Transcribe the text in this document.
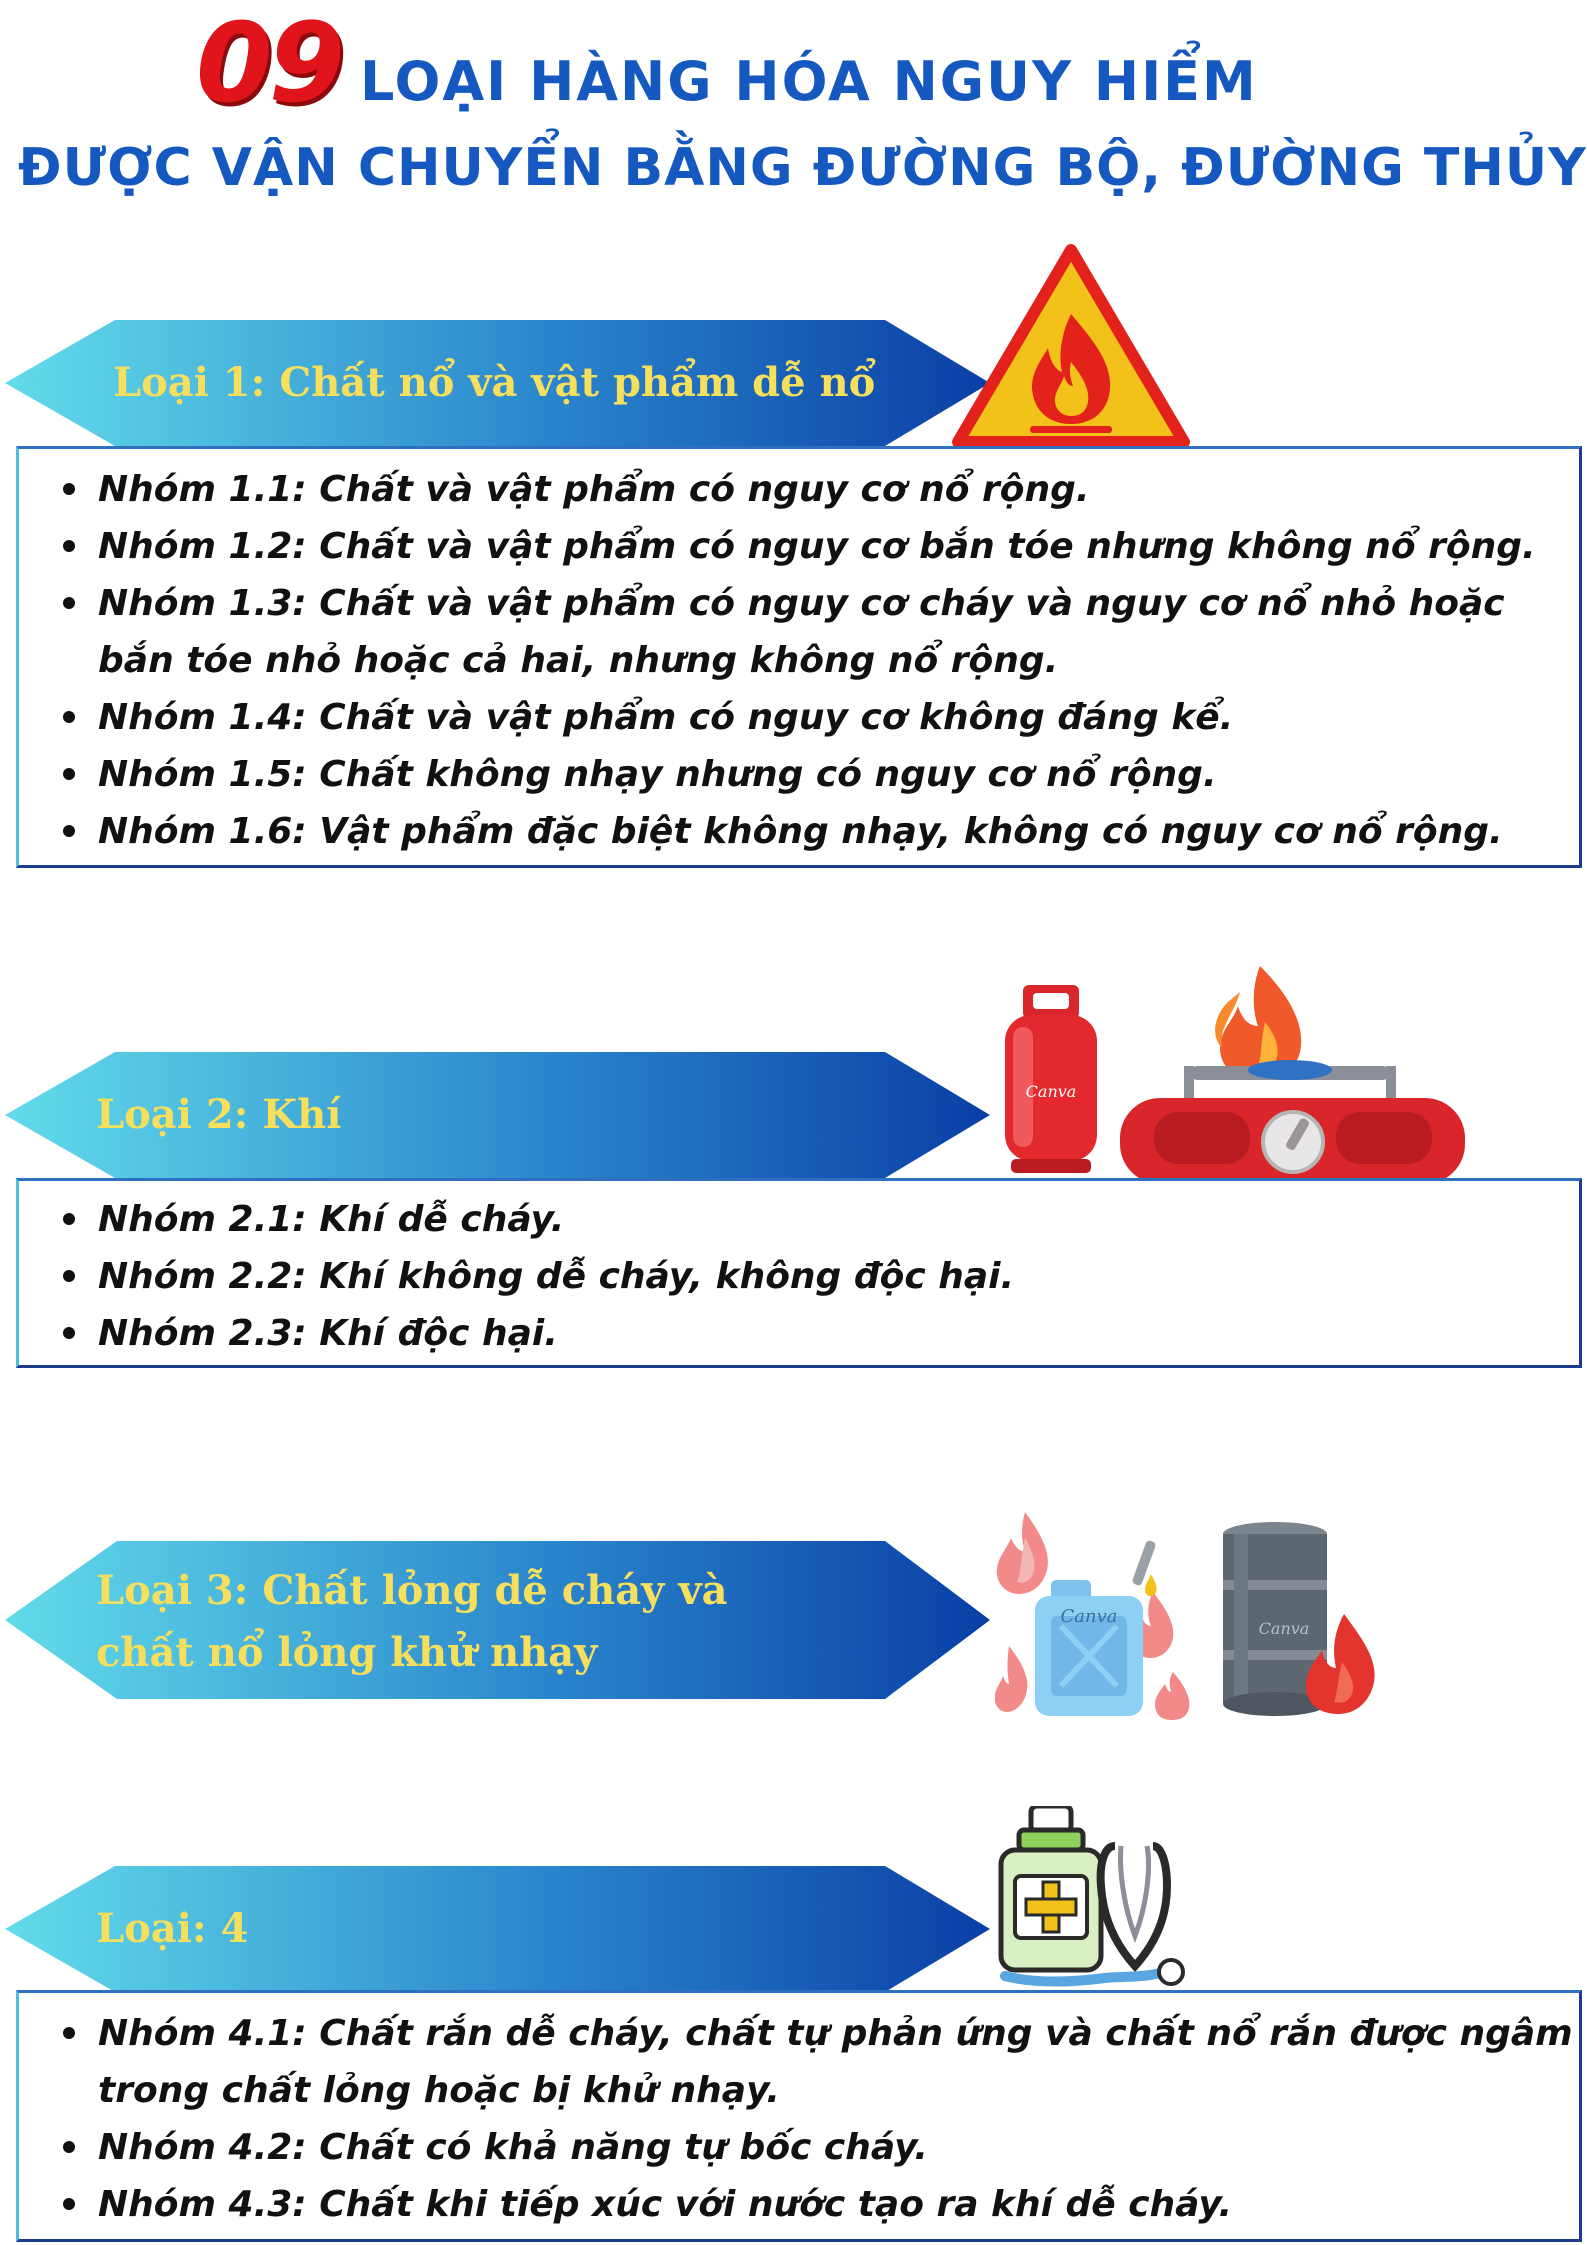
09 LOẠI HÀNG HÓA NGUY HIỂM
ĐƯỢC VẬN CHUYỂN BẰNG ĐƯỜNG BỘ, ĐƯỜNG THỦY
Loại 1: Chất nổ và vật phẩm dễ nổ
Nhóm 1.1: Chất và vật phẩm có nguy cơ nổ rộng.
Nhóm 1.2: Chất và vật phẩm có nguy cơ bắn tóe nhưng không nổ rộng.
Nhóm 1.3: Chất và vật phẩm có nguy cơ cháy và nguy cơ nổ nhỏ hoặc bắn tóe nhỏ hoặc cả hai, nhưng không nổ rộng.
Nhóm 1.4: Chất và vật phẩm có nguy cơ không đáng kể.
Nhóm 1.5: Chất không nhạy nhưng có nguy cơ nổ rộng.
Nhóm 1.6: Vật phẩm đặc biệt không nhạy, không có nguy cơ nổ rộng.
Loại 2: Khí	Canva
Nhóm 2.1: Khí dễ cháy.
Nhóm 2.2: Khí không dễ cháy, không độc hại.
Nhóm 2.3: Khí độc hại.
Loại 3: Chất lỏng dễ cháy và
chất nổ lỏng khử nhạy
Canva
Canva
Loại: 4
Nhóm 4.1: Chất rắn dễ cháy, chất tự phản ứng và chất nổ rắn được ngâm trong chất lỏng hoặc bị khử nhạy.
Nhóm 4.2: Chất có khả năng tự bốc cháy.
Nhóm 4.3: Chất khi tiếp xúc với nước tạo ra khí dễ cháy.
